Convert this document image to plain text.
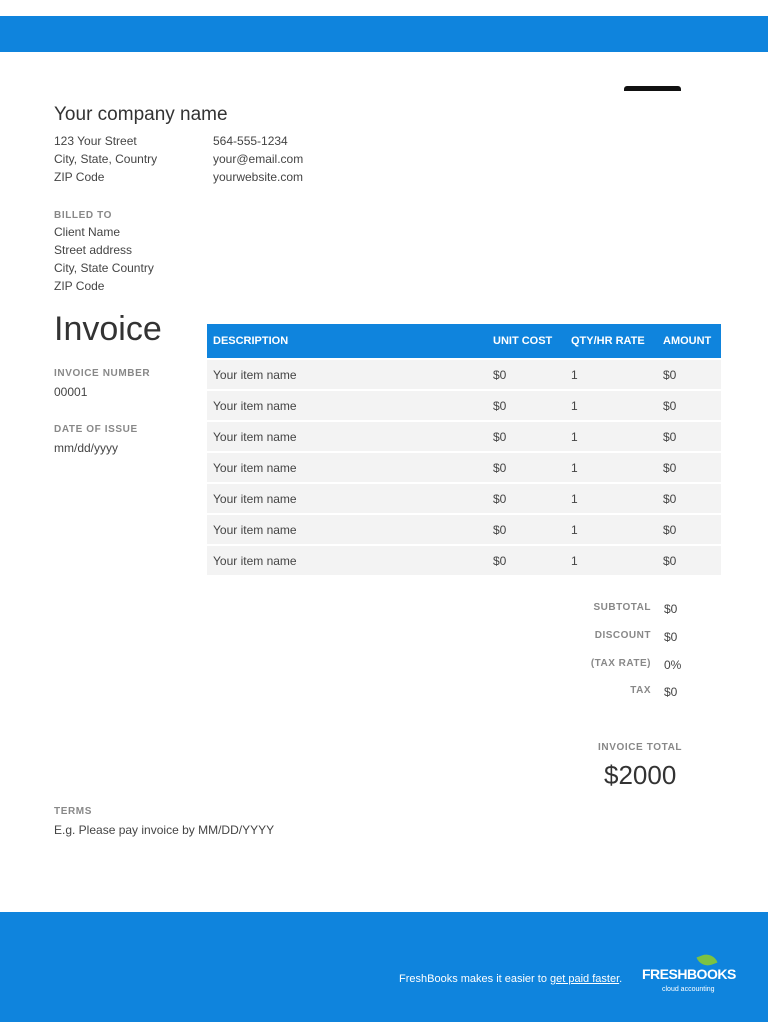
Your company name
123 Your Street
City, State, Country
ZIP Code
564-555-1234
your@email.com
yourwebsite.com
BILLED TO
Client Name
Street address
City, State Country
ZIP Code
Invoice
INVOICE NUMBER
00001
DATE OF ISSUE
mm/dd/yyyy
DESCRIPTION	UNIT COST	QTY/HR RATE	AMOUNT
Your item name	$0	1	$0
Your item name	$0	1	$0
Your item name	$0	1	$0
Your item name	$0	1	$0
Your item name	$0	1	$0
Your item name	$0	1	$0
Your item name	$0	1	$0
SUBTOTAL $0
DISCOUNT $0
(TAX RATE) 0%
TAX $0
INVOICE TOTAL
$2000
TERMS
E.g. Please pay invoice by MM/DD/YYYY
FreshBooks makes it easier to get paid faster. FRESHBOOKS
cloud accounting
